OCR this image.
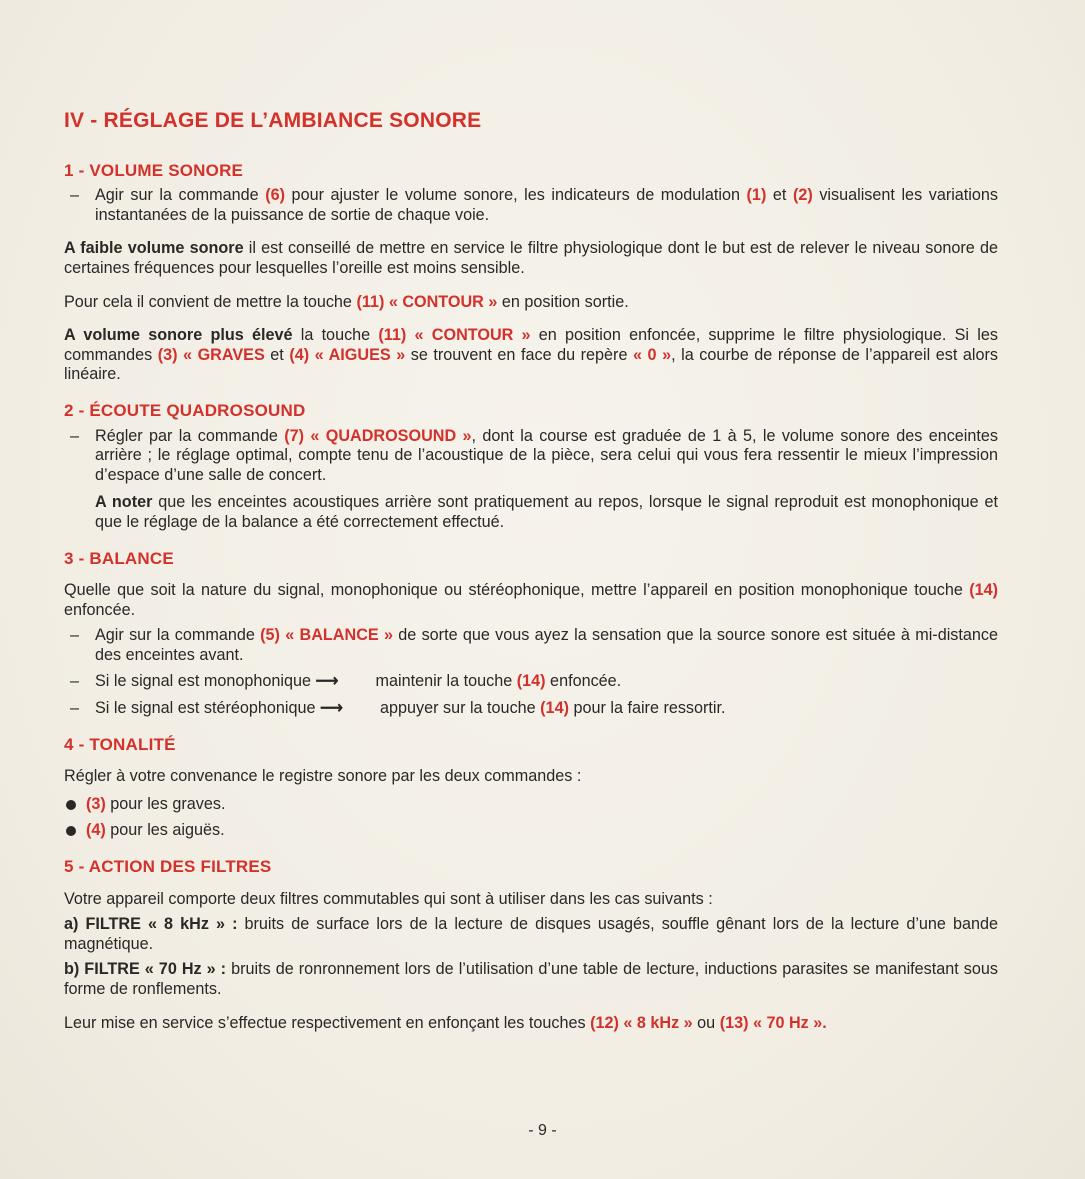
IV - RÉGLAGE DE L’AMBIANCE SONORE
1 - VOLUME SONORE

– Agir sur la commande (6) pour ajuster le volume sonore, les indicateurs de modulation (1) et (2) visualisent les variations instantanées de la puissance de sortie de chaque voie.

A faible volume sonore il est conseillé de mettre en service le filtre physiologique dont le but est de relever le niveau sonore de certaines fréquences pour lesquelles l’oreille est moins sensible.

Pour cela il convient de mettre la touche (11) « CONTOUR » en position sortie.

A volume sonore plus élevé la touche (11) « CONTOUR » en position enfoncée, supprime le filtre physiologique. Si les commandes (3) « GRAVES et (4) « AIGUES » se trouvent en face du repère « 0 », la courbe de réponse de l’appareil est alors linéaire.

2 - ÉCOUTE QUADROSOUND

– Régler par la commande (7) « QUADROSOUND », dont la course est graduée de 1 à 5, le volume sonore des enceintes arrière ; le réglage optimal, compte tenu de l’acoustique de la pièce, sera celui qui vous fera ressentir le mieux l’impression d’espace d’une salle de concert.

A noter que les enceintes acoustiques arrière sont pratiquement au repos, lorsque le signal reproduit est monophonique et que le réglage de la balance a été correctement effectué.

3 - BALANCE

Quelle que soit la nature du signal, monophonique ou stéréophonique, mettre l’appareil en position monophonique touche (14) enfoncée.

– Agir sur la commande (5) « BALANCE » de sorte que vous ayez la sensation que la source sonore est située à mi-distance des enceintes avant.

– Si le signal est monophonique ⟶ maintenir la touche (14) enfoncée.

– Si le signal est stéréophonique ⟶ appuyer sur la touche (14) pour la faire ressortir.

4 - TONALITÉ

Régler à votre convenance le registre sonore par les deux commandes :

(3) pour les graves.
(4) pour les aiguës.
5 - ACTION DES FILTRES

Votre appareil comporte deux filtres commutables qui sont à utiliser dans les cas suivants :

a) FILTRE « 8 kHz » : bruits de surface lors de la lecture de disques usagés, souffle gênant lors de la lecture d’une bande magnétique.

b) FILTRE « 70 Hz » : bruits de ronronnement lors de l’utilisation d’une table de lecture, inductions parasites se manifestant sous forme de ronflements.

Leur mise en service s’effectue respectivement en enfonçant les touches (12) « 8 kHz » ou (13) « 70 Hz ».

- 9 -
